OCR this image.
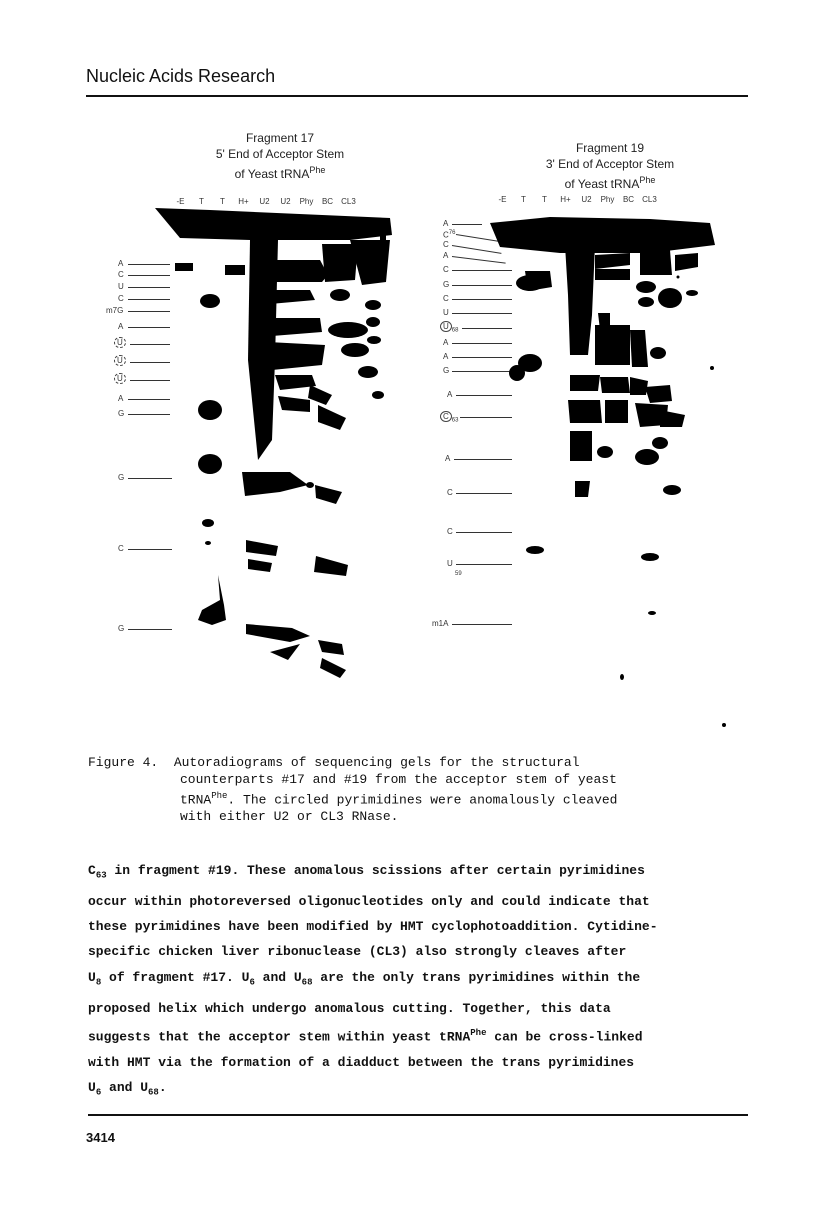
Nucleic Acids Research
Fragment 17
5' End of Acceptor Stem
of Yeast tRNA$^{Phe}$
-E T T H+ U2 U2 Phy BC CL3
Fragment 19
3' End of Acceptor Stem
of Yeast tRNA$^{Phe}$
-E T T H+ U2 Phy BC CL3
A
C
U
C
m7G
A
U
U
U
A
G
G
C
G
A
$C^{76}$
C
A
C
G
C
U
U $_{68}$
A
A
G
A
C $_{63}$
A
C
C
U
59
m1A
Figure 4. Autoradiograms of sequencing gels for the structural
counterparts #17 and #19 from the acceptor stem of yeast
tRNA$^{Phe}$. The circled pyrimidines were anomalously cleaved
with either U2 or CL3 RNase.
$C_{63}$ in fragment #19. These anomalous scissions after certain pyrimidines
occur within photoreversed oligonucleotides only and could indicate that
these pyrimidines have been modified by HMT cyclophotoaddition. Cytidine-
specific chicken liver ribonuclease (CL3) also strongly cleaves after
$U_8$ of fragment #17. $U_6$ and $U_{68}$ are the only trans pyrimidines within the
proposed helix which undergo anomalous cutting. Together, this data
suggests that the acceptor stem within yeast tRNA$^{Phe}$ can be cross-linked
with HMT via the formation of a diadduct between the trans pyrimidines
$U_6$ and $U_{68}$.
3414
